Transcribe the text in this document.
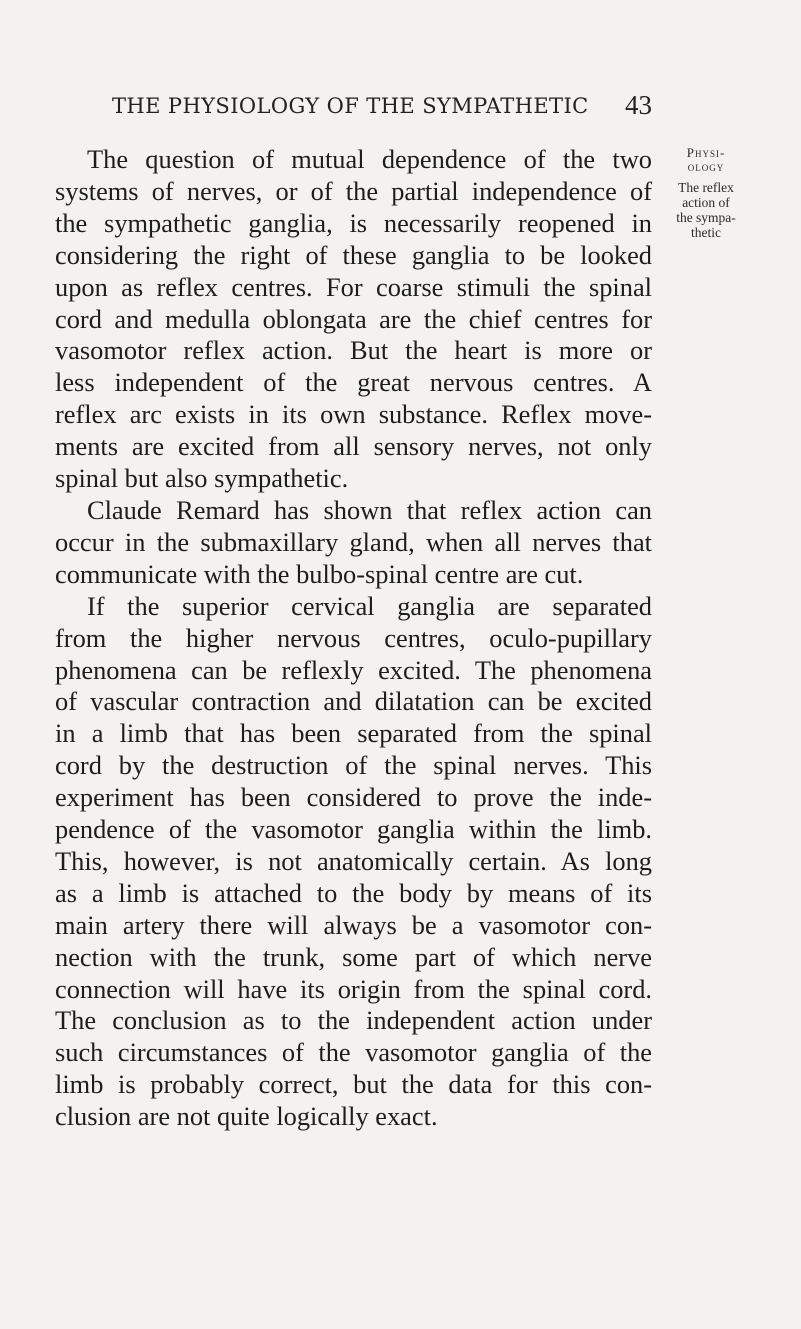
THE PHYSIOLOGY OF THE SYMPATHETIC 43
Physi-
ology
The reflex
action of
the sympa-
thetic
The question of mutual dependence of the two
systems of nerves, or of the partial independence of
the sympathetic ganglia, is necessarily reopened in
considering the right of these ganglia to be looked
upon as reflex centres. For coarse stimuli the spinal
cord and medulla oblongata are the chief centres for
vasomotor reflex action. But the heart is more or
less independent of the great nervous centres. A
reflex arc exists in its own substance. Reflex move-
ments are excited from all sensory nerves, not only
spinal but also sympathetic.
Claude Remard has shown that reflex action can
occur in the submaxillary gland, when all nerves that
communicate with the bulbo-spinal centre are cut.
If the superior cervical ganglia are separated
from the higher nervous centres, oculo-pupillary
phenomena can be reflexly excited. The phenomena
of vascular contraction and dilatation can be excited
in a limb that has been separated from the spinal
cord by the destruction of the spinal nerves. This
experiment has been considered to prove the inde-
pendence of the vasomotor ganglia within the limb.
This, however, is not anatomically certain. As long
as a limb is attached to the body by means of its
main artery there will always be a vasomotor con-
nection with the trunk, some part of which nerve
connection will have its origin from the spinal cord.
The conclusion as to the independent action under
such circumstances of the vasomotor ganglia of the
limb is probably correct, but the data for this con-
clusion are not quite logically exact.
